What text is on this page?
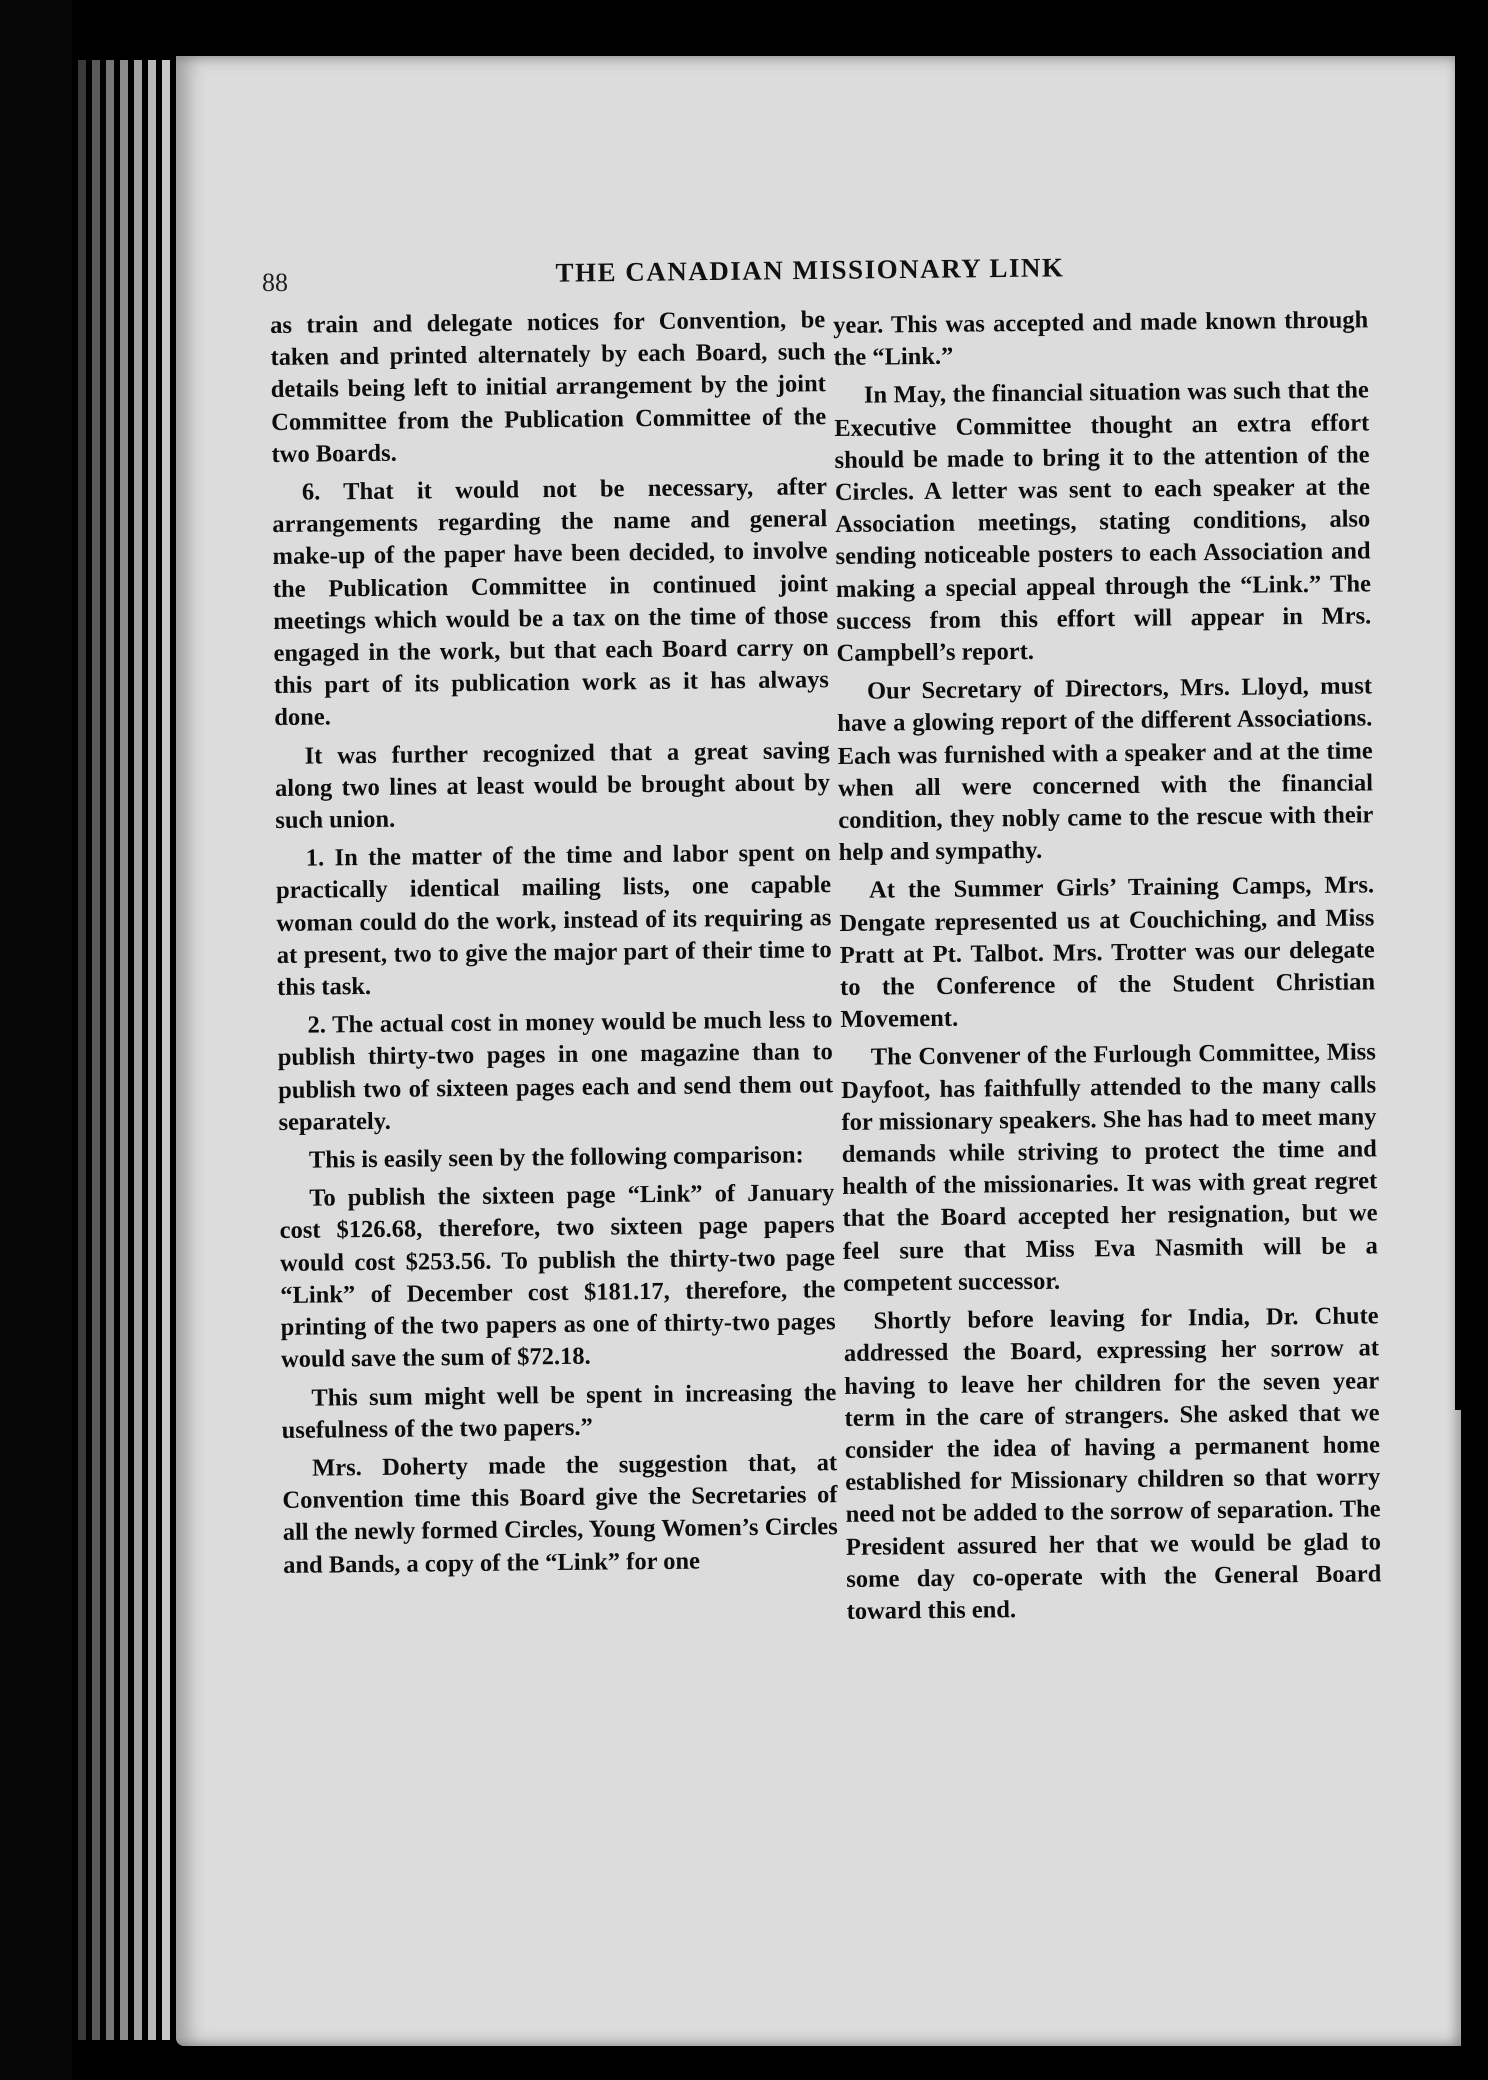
88	THE CANADIAN MISSIONARY LINK

as train and delegate notices for Convention, be taken and printed alternately by each Board, such details being left to initial arrangement by the joint Committee from the Publication Committee of the two Boards.

6. That it would not be necessary, after arrangements regarding the name and general make-up of the paper have been decided, to involve the Publication Committee in continued joint meetings which would be a tax on the time of those engaged in the work, but that each Board carry on this part of its publication work as it has always done.

It was further recognized that a great saving along two lines at least would be brought about by such union.

1. In the matter of the time and labor spent on practically identical mailing lists, one capable woman could do the work, instead of its requiring as at present, two to give the major part of their time to this task.

2. The actual cost in money would be much less to publish thirty-two pages in one magazine than to publish two of sixteen pages each and send them out separately.

This is easily seen by the following comparison:

To publish the sixteen page “Link” of January cost $126.68, therefore, two sixteen page papers would cost $253.56. To publish the thirty-two page “Link” of December cost $181.17, therefore, the printing of the two papers as one of thirty-two pages would save the sum of $72.18.

This sum might well be spent in increasing the usefulness of the two papers.”

Mrs. Doherty made the suggestion that, at Convention time this Board give the Secretaries of all the newly formed Circles, Young Women’s Circles and Bands, a copy of the “Link” for one

year. This was accepted and made known through the “Link.”

In May, the financial situation was such that the Executive Committee thought an extra effort should be made to bring it to the attention of the Circles. A letter was sent to each speaker at the Association meetings, stating conditions, also sending noticeable posters to each Association and making a special appeal through the “Link.” The success from this effort will appear in Mrs. Campbell’s report.

Our Secretary of Directors, Mrs. Lloyd, must have a glowing report of the different Associations. Each was furnished with a speaker and at the time when all were concerned with the financial condition, they nobly came to the rescue with their help and sympathy.

At the Summer Girls’ Training Camps, Mrs. Dengate represented us at Couchiching, and Miss Pratt at Pt. Talbot. Mrs. Trotter was our delegate to the Conference of the Student Christian Movement.

The Convener of the Furlough Committee, Miss Dayfoot, has faithfully attended to the many calls for missionary speakers. She has had to meet many demands while striving to protect the time and health of the missionaries. It was with great regret that the Board accepted her resignation, but we feel sure that Miss Eva Nasmith will be a competent successor.

Shortly before leaving for India, Dr. Chute addressed the Board, expressing her sorrow at having to leave her children for the seven year term in the care of strangers. She asked that we consider the idea of having a permanent home established for Missionary children so that worry need not be added to the sorrow of separation. The President assured her that we would be glad to some day co-operate with the General Board toward this end.
